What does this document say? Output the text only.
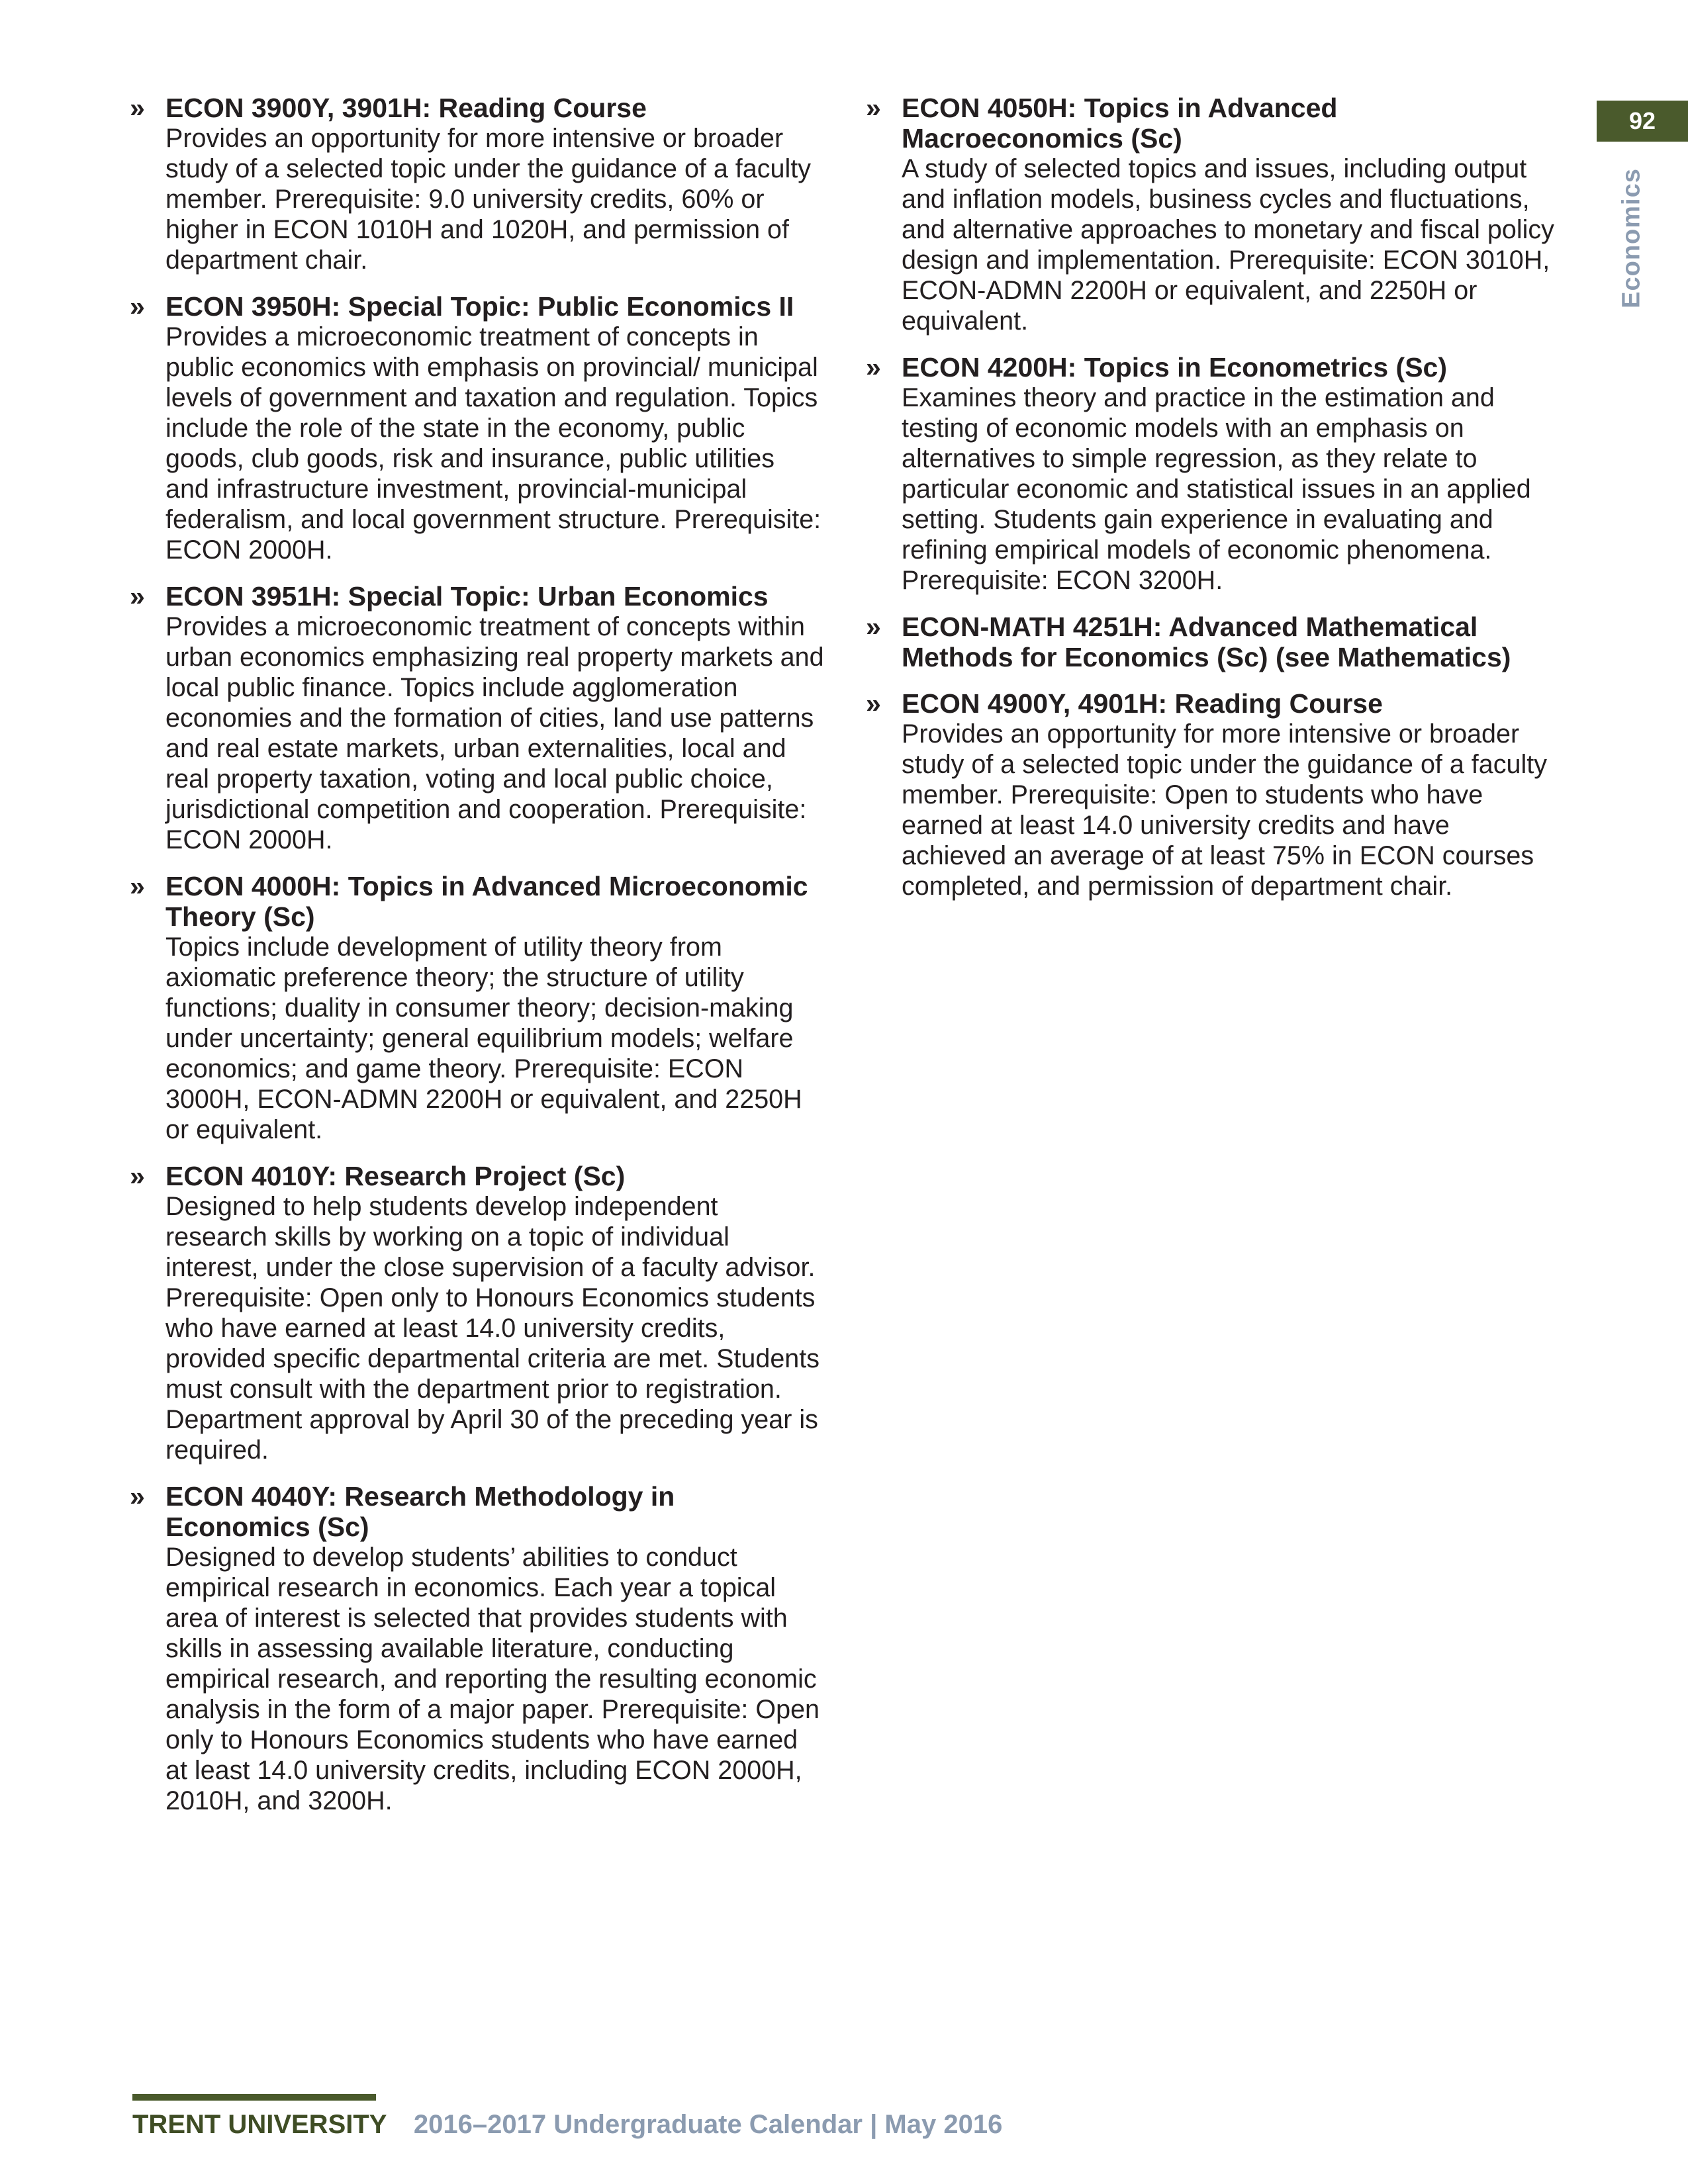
» ECON 3900Y, 3901H: Reading Course
Provides an opportunity for more intensive or broader study of a selected topic under the guidance of a faculty member. Prerequisite: 9.0 university credits, 60% or higher in ECON 1010H and 1020H, and permission of department chair.
» ECON 3950H: Special Topic: Public Economics II
Provides a microeconomic treatment of concepts in public economics with emphasis on provincial/ municipal levels of government and taxation and regulation. Topics include the role of the state in the economy, public goods, club goods, risk and insurance, public utilities and infrastructure investment, provincial-municipal federalism, and local government structure. Prerequisite: ECON 2000H.
» ECON 3951H: Special Topic: Urban Economics
Provides a microeconomic treatment of concepts within urban economics emphasizing real property markets and local public finance. Topics include agglomeration economies and the formation of cities, land use patterns and real estate markets, urban externalities, local and real property taxation, voting and local public choice, jurisdictional competition and cooperation. Prerequisite: ECON 2000H.
» ECON 4000H: Topics in Advanced Microeconomic Theory (Sc)
Topics include development of utility theory from axiomatic preference theory; the structure of utility functions; duality in consumer theory; decision-making under uncertainty; general equilibrium models; welfare economics; and game theory. Prerequisite: ECON 3000H, ECON-ADMN 2200H or equivalent, and 2250H or equivalent.
» ECON 4010Y: Research Project (Sc)
Designed to help students develop independent research skills by working on a topic of individual interest, under the close supervision of a faculty advisor. Prerequisite: Open only to Honours Economics students who have earned at least 14.0 university credits, provided specific departmental criteria are met. Students must consult with the department prior to registration. Department approval by April 30 of the preceding year is required.
» ECON 4040Y: Research Methodology in Economics (Sc)
Designed to develop students’ abilities to conduct empirical research in economics. Each year a topical area of interest is selected that provides students with skills in assessing available literature, conducting empirical research, and reporting the resulting economic analysis in the form of a major paper. Prerequisite: Open only to Honours Economics students who have earned at least 14.0 university credits, including ECON 2000H, 2010H, and 3200H.
» ECON 4050H: Topics in Advanced Macroeconomics (Sc)
A study of selected topics and issues, including output and inflation models, business cycles and fluctuations, and alternative approaches to monetary and fiscal policy design and implementation. Prerequisite: ECON 3010H, ECON-ADMN 2200H or equivalent, and 2250H or equivalent.
» ECON 4200H: Topics in Econometrics (Sc)
Examines theory and practice in the estimation and testing of economic models with an emphasis on alternatives to simple regression, as they relate to particular economic and statistical issues in an applied setting. Students gain experience in evaluating and refining empirical models of economic phenomena. Prerequisite: ECON 3200H.
» ECON-MATH 4251H: Advanced Mathematical Methods for Economics (Sc) (see Mathematics)
» ECON 4900Y, 4901H: Reading Course
Provides an opportunity for more intensive or broader study of a selected topic under the guidance of a faculty member. Prerequisite: Open to students who have earned at least 14.0 university credits and have achieved an average of at least 75% in ECON courses completed, and permission of department chair.
92
Economics
TRENT UNIVERSITY 2016–2017 Undergraduate Calendar | May 2016
